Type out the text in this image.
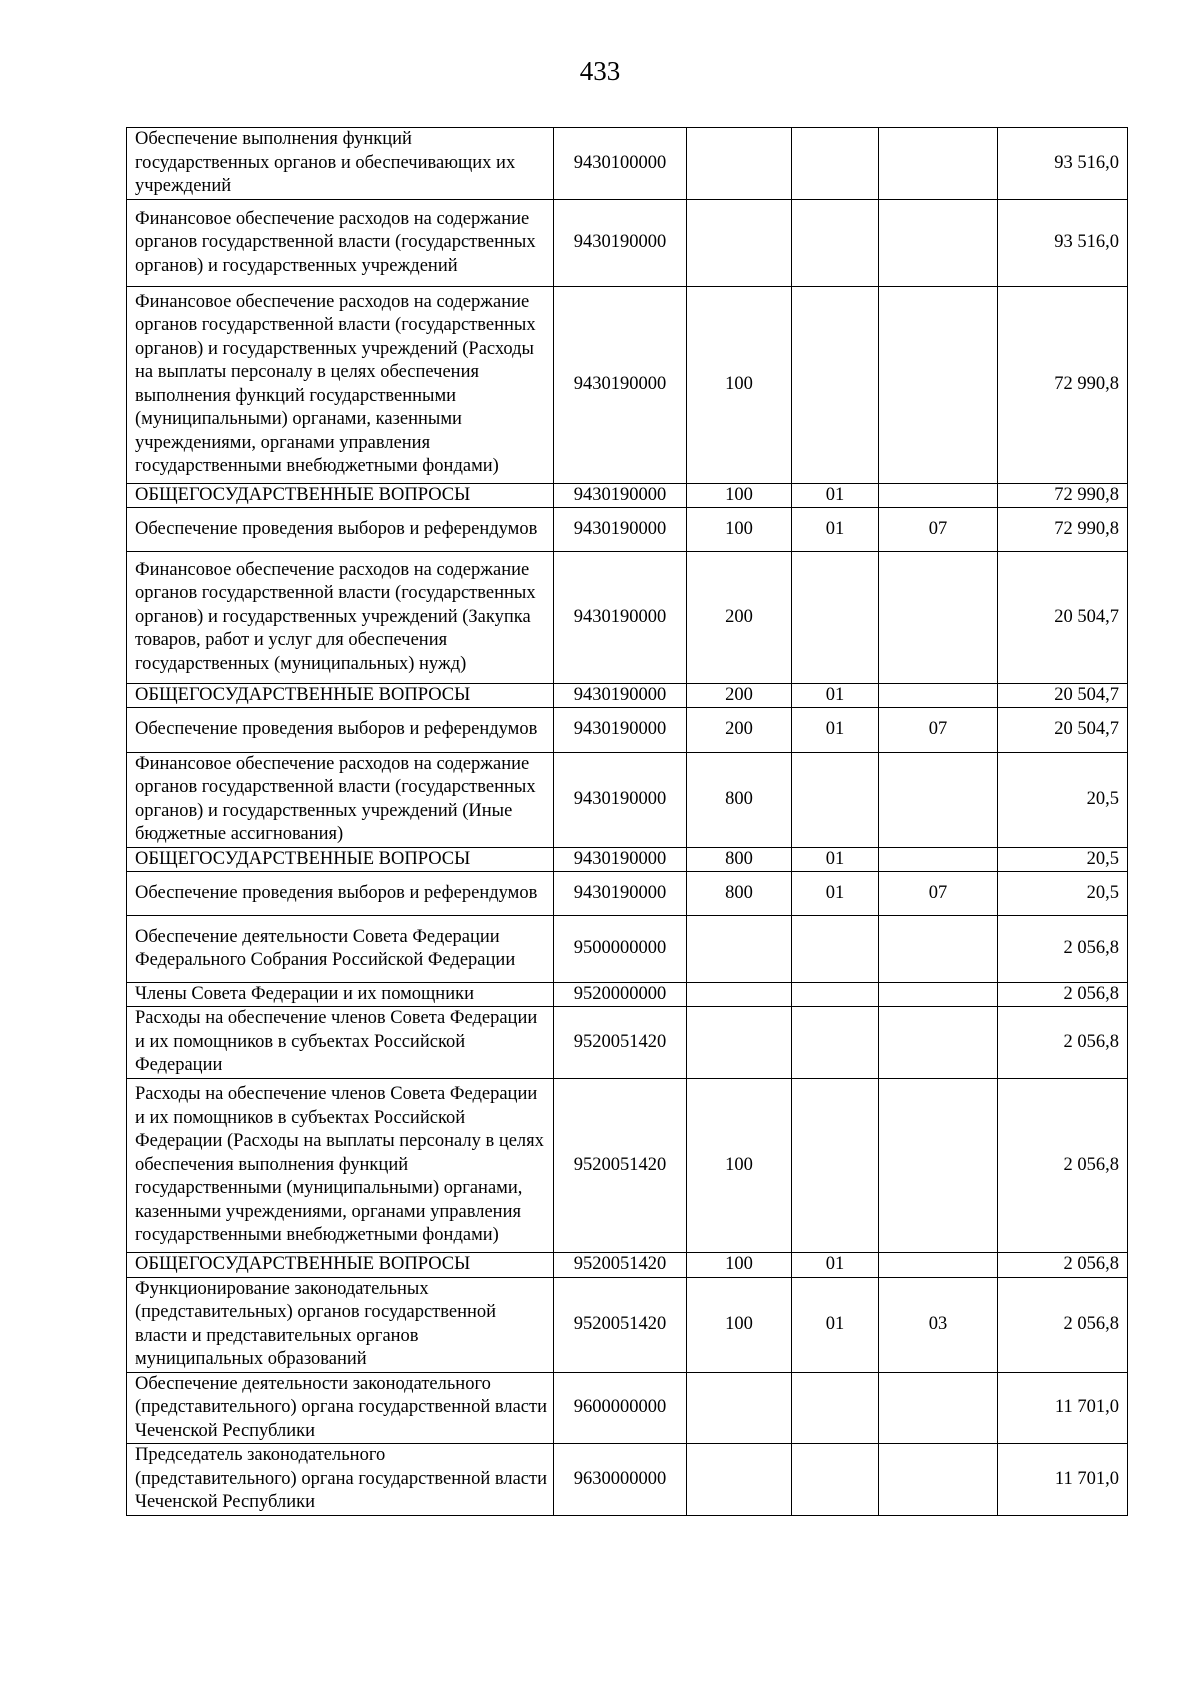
433
Обеспечение выполнения функций государственных органов и обеспечивающих их учреждений	9430100000				93 516,0
Финансовое обеспечение расходов на содержание органов государственной власти (государственных органов) и государственных учреждений	9430190000				93 516,0
Финансовое обеспечение расходов на содержание органов государственной власти (государственных органов) и государственных учреждений (Расходы на выплаты персоналу в целях обеспечения выполнения функций государственными (муниципальными) органами, казенными учреждениями, органами управления государственными внебюджетными фондами)	9430190000	100			72 990,8
ОБЩЕГОСУДАРСТВЕННЫЕ ВОПРОСЫ	9430190000	100	01		72 990,8
Обеспечение проведения выборов и референдумов	9430190000	100	01	07	72 990,8
Финансовое обеспечение расходов на содержание органов государственной власти (государственных органов) и государственных учреждений (Закупка товаров, работ и услуг для обеспечения государственных (муниципальных) нужд)	9430190000	200			20 504,7
ОБЩЕГОСУДАРСТВЕННЫЕ ВОПРОСЫ	9430190000	200	01		20 504,7
Обеспечение проведения выборов и референдумов	9430190000	200	01	07	20 504,7
Финансовое обеспечение расходов на содержание органов государственной власти (государственных органов) и государственных учреждений (Иные бюджетные ассигнования)	9430190000	800			20,5
ОБЩЕГОСУДАРСТВЕННЫЕ ВОПРОСЫ	9430190000	800	01		20,5
Обеспечение проведения выборов и референдумов	9430190000	800	01	07	20,5
Обеспечение деятельности Совета Федерации Федерального Собрания Российской Федерации	9500000000				2 056,8
Члены Совета Федерации и их помощники	9520000000				2 056,8
Расходы на обеспечение членов Совета Федерации и их помощников в субъектах Российской Федерации	9520051420				2 056,8
Расходы на обеспечение членов Совета Федерации и их помощников в субъектах Российской Федерации (Расходы на выплаты персоналу в целях обеспечения выполнения функций государственными (муниципальными) органами, казенными учреждениями, органами управления государственными внебюджетными фондами)	9520051420	100			2 056,8
ОБЩЕГОСУДАРСТВЕННЫЕ ВОПРОСЫ	9520051420	100	01		2 056,8
Функционирование законодательных (представительных) органов государственной власти и представительных органов муниципальных образований	9520051420	100	01	03	2 056,8
Обеспечение деятельности законодательного (представительного) органа государственной власти Чеченской Республики	9600000000				11 701,0
Председатель законодательного (представительного) органа государственной власти Чеченской Республики	9630000000				11 701,0
